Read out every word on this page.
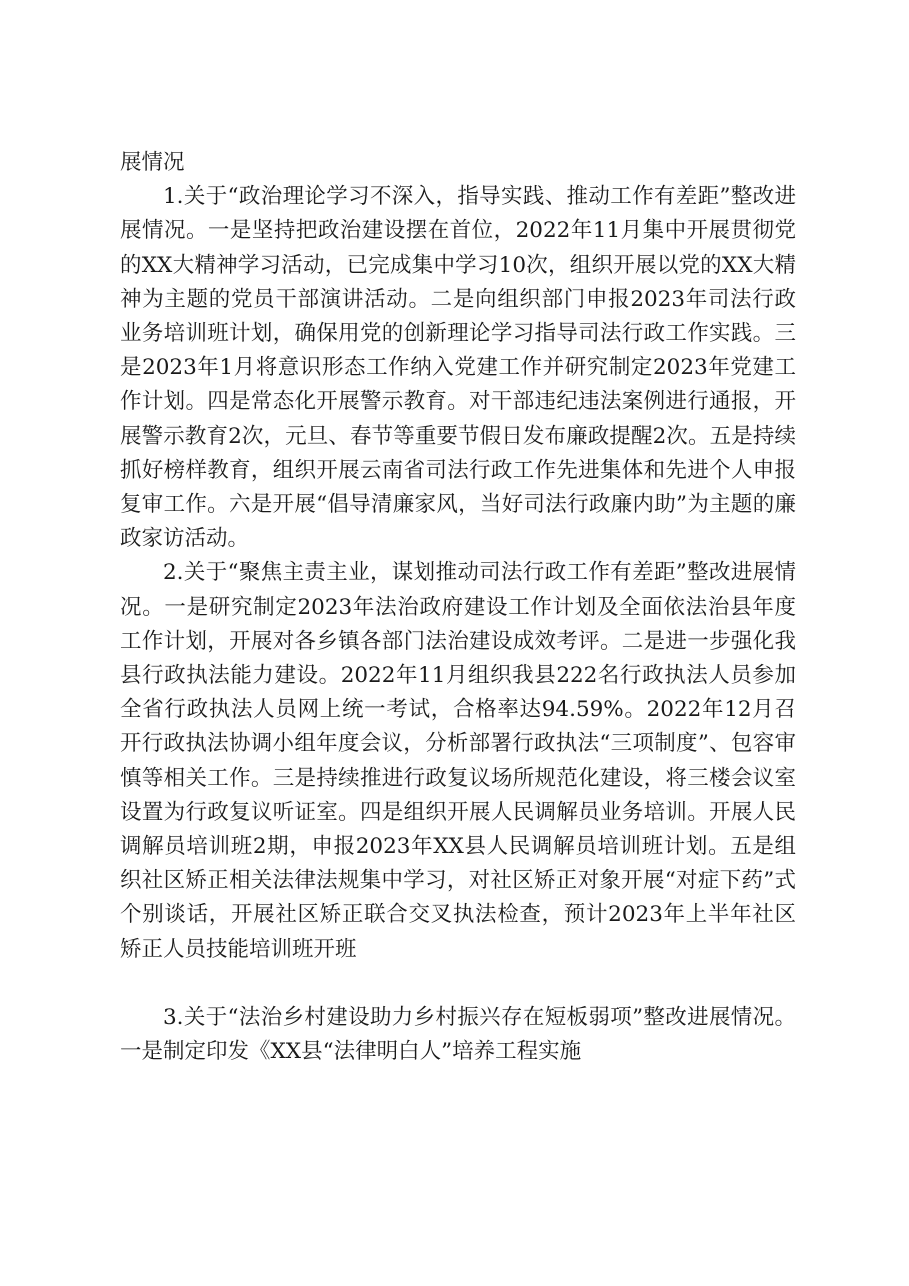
展情况

1.关于“政治理论学习不深入，指导实践、推动工作有差距”整改进展情况。一是坚持把政治建设摆在首位，2022年11月集中开展贯彻党的XX大精神学习活动，已完成集中学习10次，组织开展以党的XX大精神为主题的党员干部演讲活动。二是向组织部门申报2023年司法行政业务培训班计划，确保用党的创新理论学习指导司法行政工作实践。三是2023年1月将意识形态工作纳入党建工作并研究制定2023年党建工作计划。四是常态化开展警示教育。对干部违纪违法案例进行通报，开展警示教育2次，元旦、春节等重要节假日发布廉政提醒2次。五是持续抓好榜样教育，组织开展云南省司法行政工作先进集体和先进个人申报复审工作。六是开展“倡导清廉家风，当好司法行政廉内助”为主题的廉政家访活动。

2.关于“聚焦主责主业，谋划推动司法行政工作有差距”整改进展情况。一是研究制定2023年法治政府建设工作计划及全面依法治县年度工作计划，开展对各乡镇各部门法治建设成效考评。二是进一步强化我县行政执法能力建设。2022年11月组织我县222名行政执法人员参加全省行政执法人员网上统一考试，合格率达94.59%。2022年12月召开行政执法协调小组年度会议，分析部署行政执法“三项制度”、包容审慎等相关工作。三是持续推进行政复议场所规范化建设，将三楼会议室设置为行政复议听证室。四是组织开展人民调解员业务培训。开展人民调解员培训班2期，申报2023年XX县人民调解员培训班计划。五是组织社区矫正相关法律法规集中学习，对社区矫正对象开展“对症下药”式个别谈话，开展社区矫正联合交叉执法检查，预计2023年上半年社区矫正人员技能培训班开班

3.关于“法治乡村建设助力乡村振兴存在短板弱项”整改进展情况。一是制定印发《XX县“法律明白人”培养工程实施
